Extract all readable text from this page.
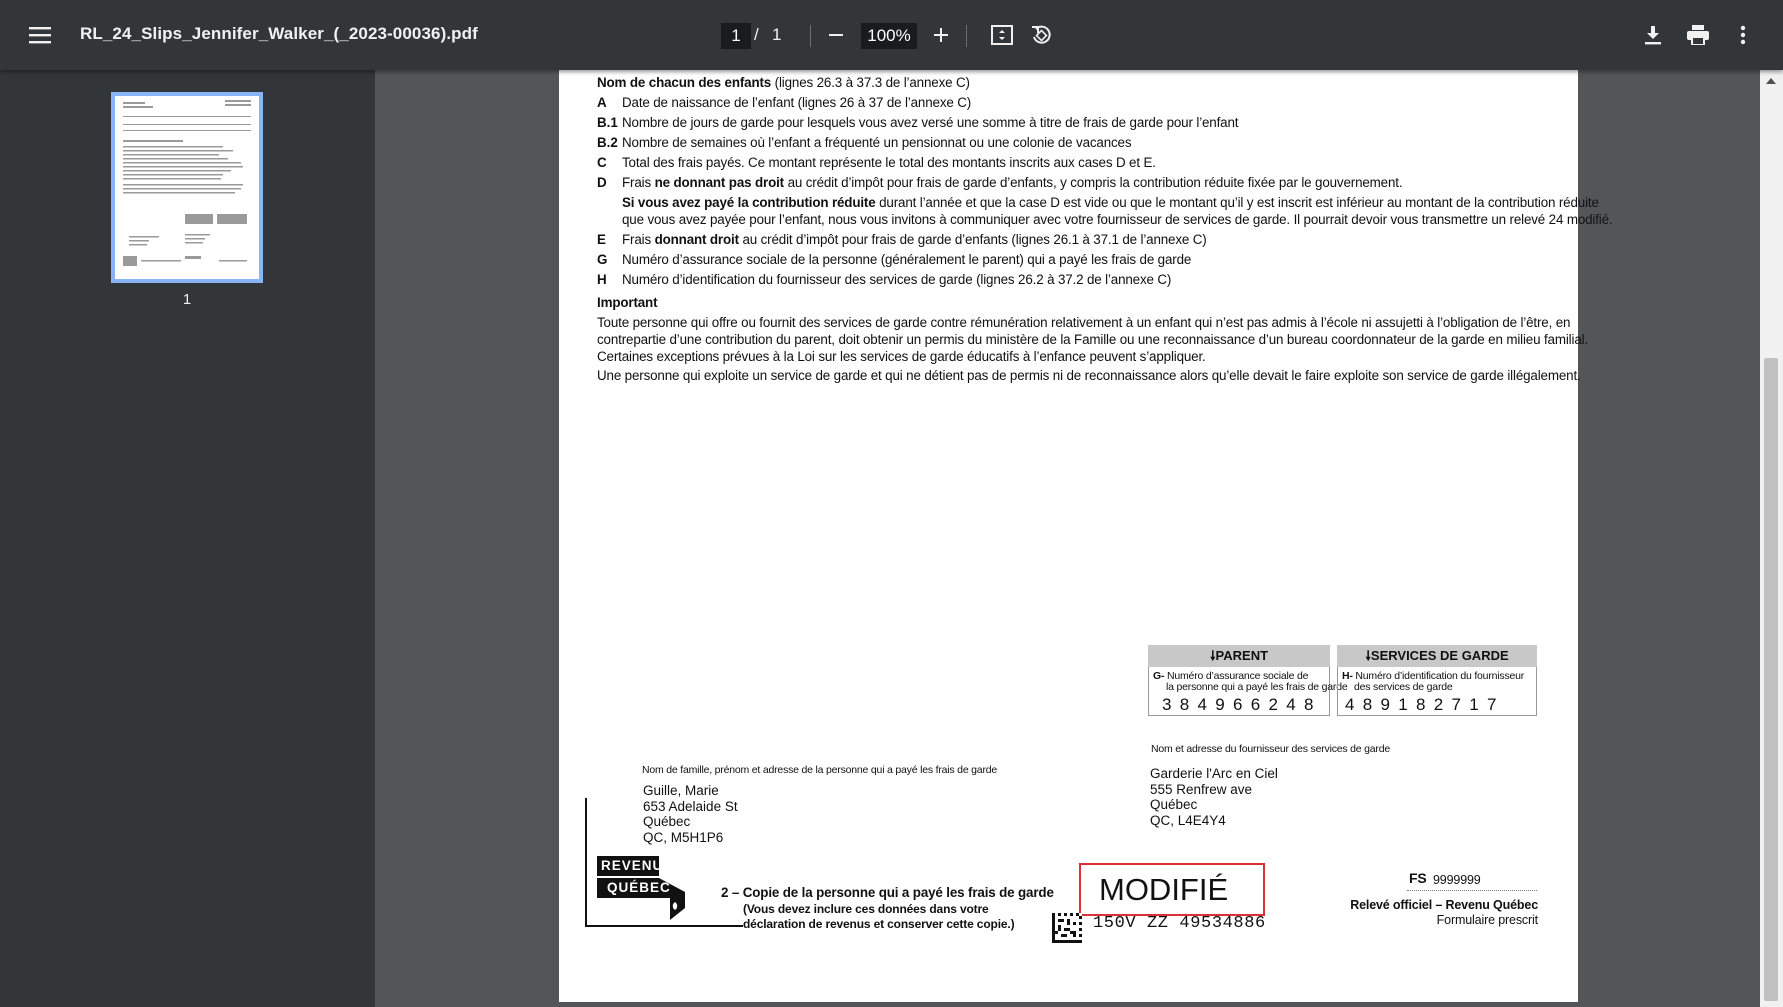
RL_24_Slips_Jennifer_Walker_(_2023-00036).pdf	1 / 1	100%
1
Nom de chacun des enfants (lignes 26.3 à 37.3 de l’annexe C)
A Date de naissance de l’enfant (lignes 26 à 37 de l’annexe C)
B.1 Nombre de jours de garde pour lesquels vous avez versé une somme à titre de frais de garde pour l’enfant
B.2 Nombre de semaines où l’enfant a fréquenté un pensionnat ou une colonie de vacances
C Total des frais payés. Ce montant représente le total des montants inscrits aux cases D et E.
D Frais ne donnant pas droit au crédit d’impôt pour frais de garde d’enfants, y compris la contribution réduite fixée par le gouvernement.
Si vous avez payé la contribution réduite durant l’année et que la case D est vide ou que le montant qu’il y est inscrit est inférieur au montant de la contribution réduite
que vous avez payée pour l’enfant, nous vous invitons à communiquer avec votre fournisseur de services de garde. Il pourrait devoir vous transmettre un relevé 24 modifié.
E Frais donnant droit au crédit d’impôt pour frais de garde d’enfants (lignes 26.1 à 37.1 de l’annexe C)
G Numéro d’assurance sociale de la personne (généralement le parent) qui a payé les frais de garde
H Numéro d’identification du fournisseur des services de garde (lignes 26.2 à 37.2 de l’annexe C)
Important
Toute personne qui offre ou fournit des services de garde contre rémunération relativement à un enfant qui n’est pas admis à l’école ni assujetti à l’obligation de l’être, en
contrepartie d’une contribution du parent, doit obtenir un permis du ministère de la Famille ou une reconnaissance d’un bureau coordonnateur de la garde en milieu familial.
Certaines exceptions prévues à la Loi sur les services de garde éducatifs à l’enfance peuvent s’appliquer.
Une personne qui exploite un service de garde et qui ne détient pas de permis ni de reconnaissance alors qu’elle devait le faire exploite son service de garde illégalement.
🠗PARENT
G- Numéro d’assurance sociale de
la personne qui a payé les frais de garde
384966248
🠗SERVICES DE GARDE
H- Numéro d’identification du fournisseur
des services de garde
489182717
Nom et adresse du fournisseur des services de garde
Garderie l'Arc en Ciel
555 Renfrew ave
Québec
QC, L4E4Y4
Nom de famille, prénom et adresse de la personne qui a payé les frais de garde
Guille, Marie
653 Adelaide St
Québec
QC, M5H1P6
REVENU
QUÉBEC	2 – Copie de la personne qui a payé les frais de garde
(Vous devez inclure ces données dans votre
déclaration de revenus et conserver cette copie.)
MODIFIÉ
150V ZZ 49534886
FS 9999999
Relevé officiel – Revenu Québec
Formulaire prescrit
